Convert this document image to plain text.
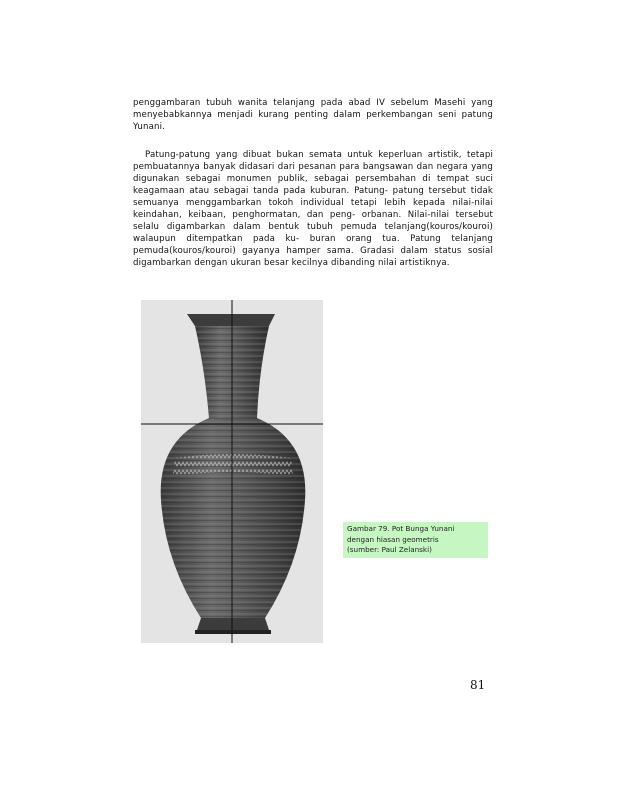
penggambaran tubuh wanita telanjang pada abad IV sebelum Masehi yang menyebabkannya menjadi kurang penting dalam perkembangan seni patung Yunani.

Patung-patung yang dibuat bukan semata untuk keperluan artistik, tetapi pembuatannya banyak didasari dari pesanan para bangsawan dan negara yang digunakan sebagai monumen publik, sebagai persembahan di tempat suci keagamaan atau sebagai tanda pada kuburan. Patung- patung tersebut tidak semuanya menggambarkan tokoh individual tetapi lebih kepada nilai-nilai keindahan, keibaan, penghormatan, dan peng- orbanan. Nilai-nilai tersebut selalu digambarkan dalam bentuk tubuh pemuda telanjang(kouros/kouroi) walaupun ditempatkan pada ku- buran orang tua. Patung telanjang pemuda(kouros/kouroi) gayanya hamper sama. Gradasi dalam status sosial digambarkan dengan ukuran besar kecilnya dibanding nilai artistiknya.

Gambar 79. Pot Bunga Yunani
dengan hiasan geometris
(sumber: Paul Zelanski)
81
